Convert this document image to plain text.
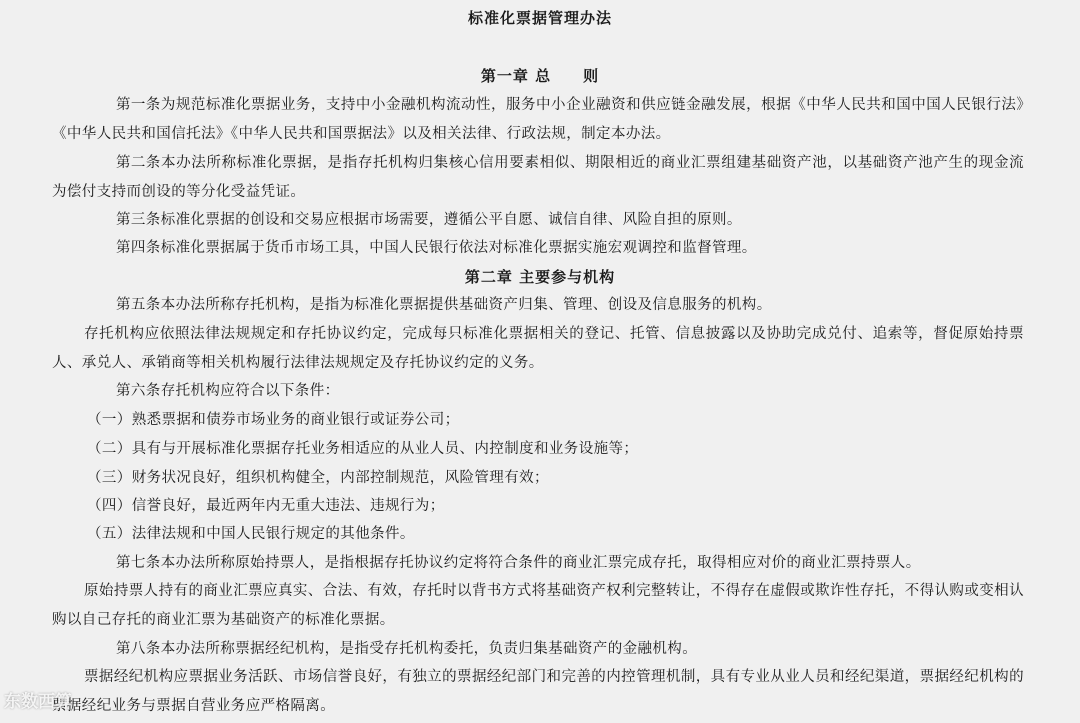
标准化票据管理办法
第一章 总　　则

第一条为规范标准化票据业务，支持中小金融机构流动性，服务中小企业融资和供应链金融发展，根据《中华人民共和国中国人民银行法》《中华人民共和国信托法》《中华人民共和国票据法》以及相关法律、行政法规，制定本办法。

第二条本办法所称标准化票据，是指存托机构归集核心信用要素相似、期限相近的商业汇票组建基础资产池，以基础资产池产生的现金流为偿付支持而创设的等分化受益凭证。

第三条标准化票据的创设和交易应根据市场需要，遵循公平自愿、诚信自律、风险自担的原则。

第四条标准化票据属于货币市场工具，中国人民银行依法对标准化票据实施宏观调控和监督管理。

第二章 主要参与机构

第五条本办法所称存托机构，是指为标准化票据提供基础资产归集、管理、创设及信息服务的机构。

存托机构应依照法律法规规定和存托协议约定，完成每只标准化票据相关的登记、托管、信息披露以及协助完成兑付、追索等，督促原始持票人、承兑人、承销商等相关机构履行法律法规规定及存托协议约定的义务。

第六条存托机构应符合以下条件：

（一）熟悉票据和债券市场业务的商业银行或证券公司；

（二）具有与开展标准化票据存托业务相适应的从业人员、内控制度和业务设施等；

（三）财务状况良好，组织机构健全，内部控制规范，风险管理有效；

（四）信誉良好，最近两年内无重大违法、违规行为；

（五）法律法规和中国人民银行规定的其他条件。

第七条本办法所称原始持票人，是指根据存托协议约定将符合条件的商业汇票完成存托，取得相应对价的商业汇票持票人。

原始持票人持有的商业汇票应真实、合法、有效，存托时以背书方式将基础资产权利完整转让，不得存在虚假或欺诈性存托，不得认购或变相认购以自己存托的商业汇票为基础资产的标准化票据。

第八条本办法所称票据经纪机构，是指受存托机构委托，负责归集基础资产的金融机构。

票据经纪机构应票据业务活跃、市场信誉良好，有独立的票据经纪部门和完善的内控管理机制，具有专业从业人员和经纪渠道，票据经纪机构的票据经纪业务与票据自营业务应严格隔离。

东数西算
